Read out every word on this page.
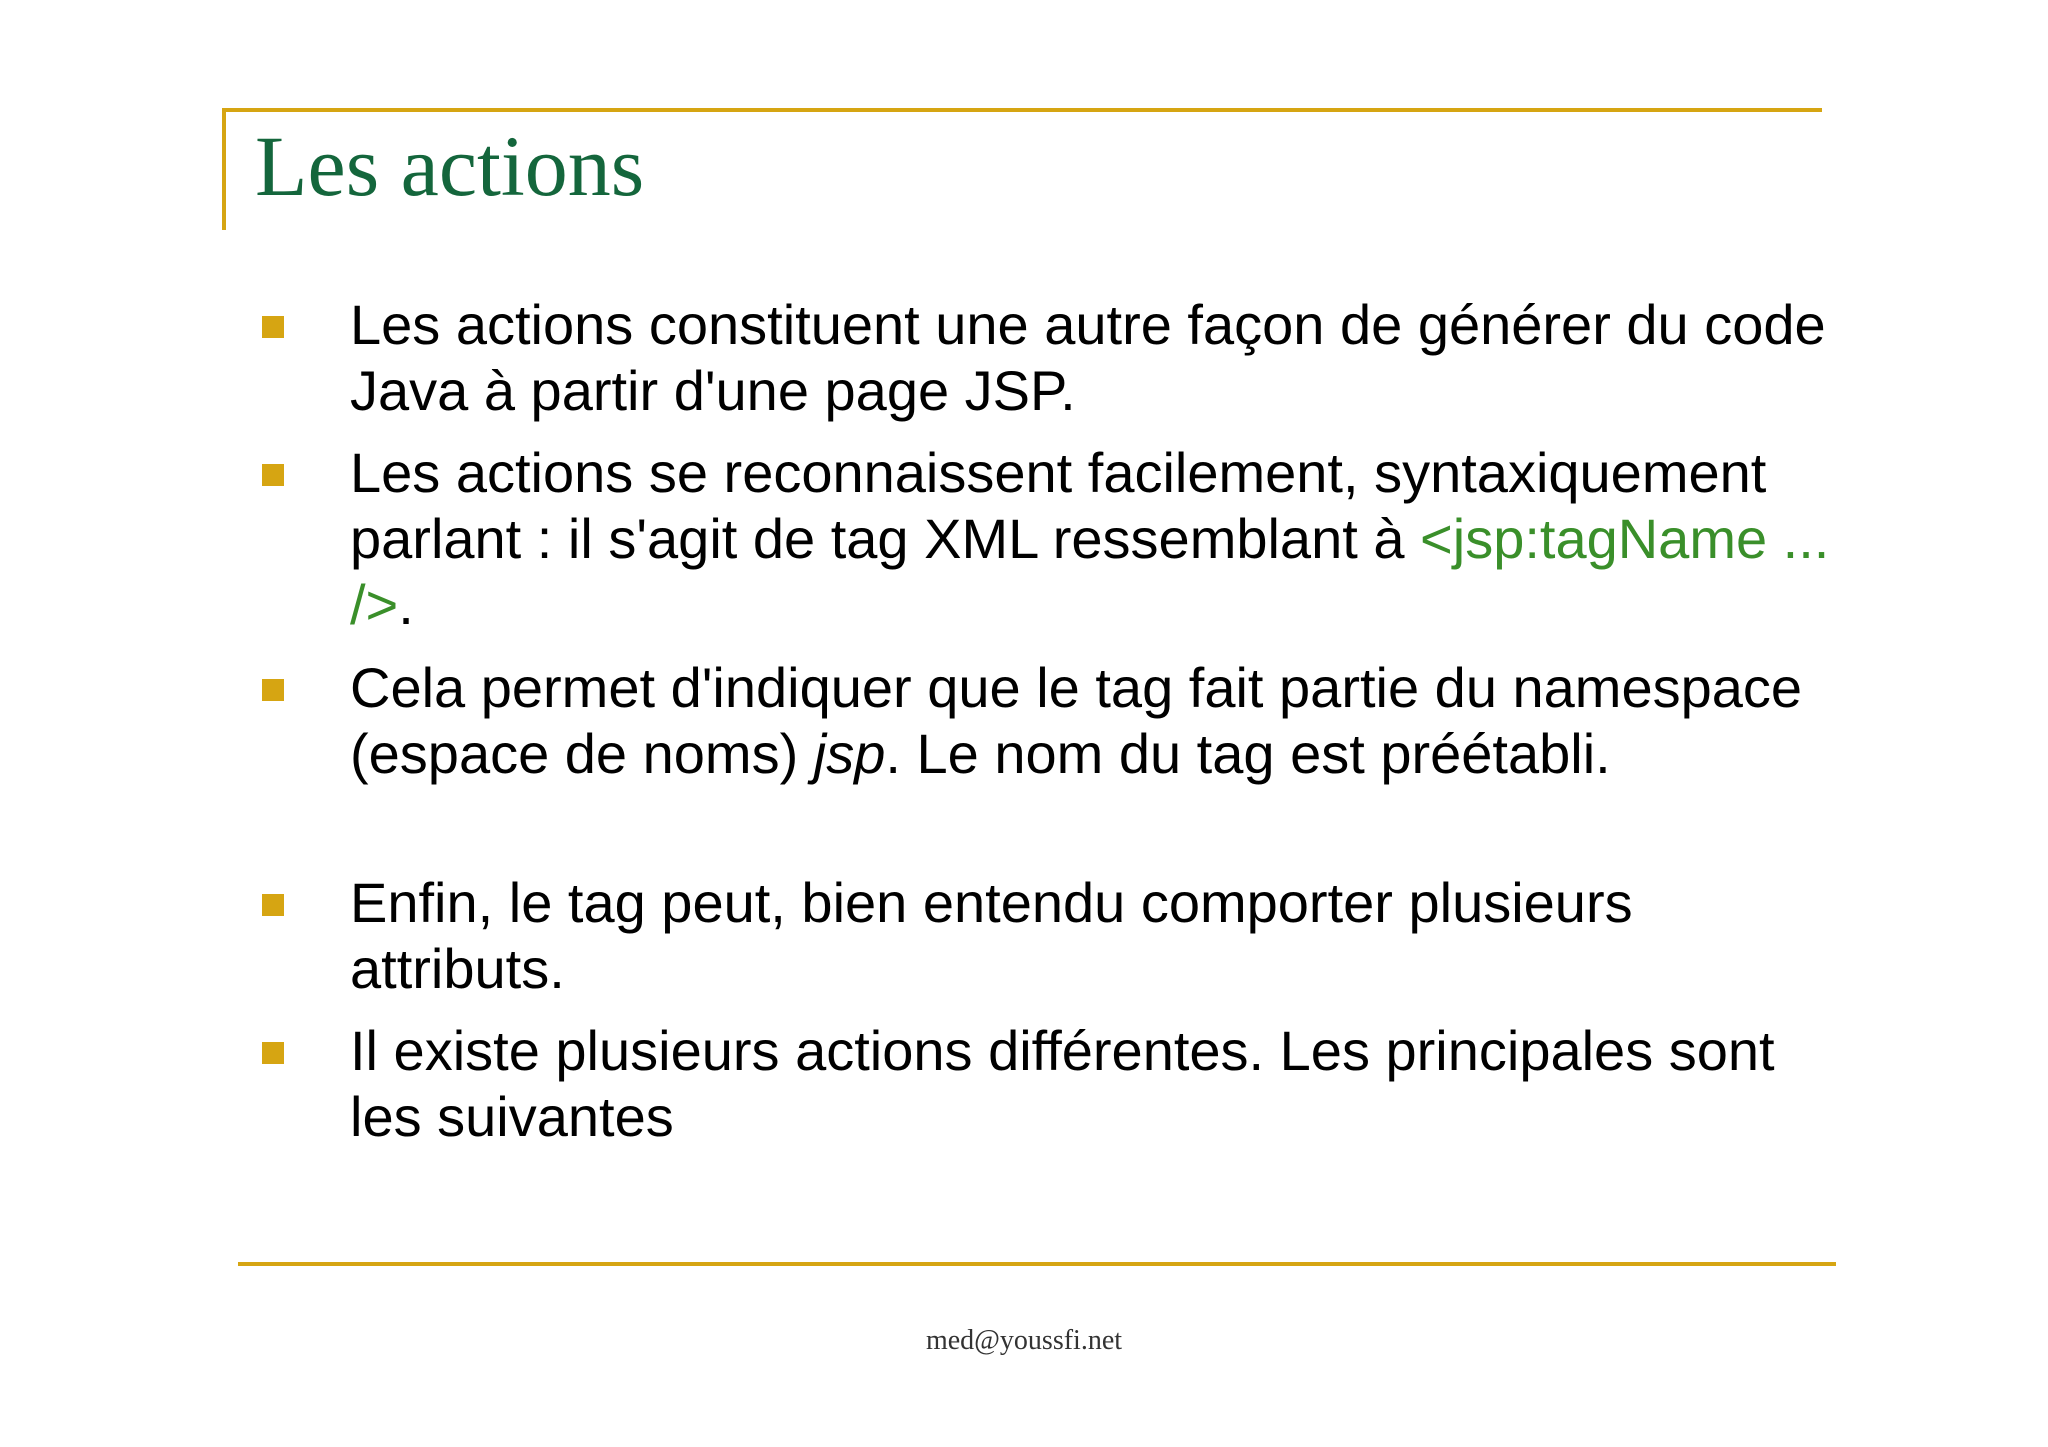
Les actions
Les actions constituent une autre façon de générer du code Java à partir d'une page JSP.
Les actions se reconnaissent facilement, syntaxiquement parlant : il s'agit de tag XML ressemblant à <jsp:tagName ... />.
Cela permet d'indiquer que le tag fait partie du namespace (espace de noms) jsp. Le nom du tag est préétabli.
Enfin, le tag peut, bien entendu comporter plusieurs attributs.
Il existe plusieurs actions différentes. Les principales sont les suivantes
med@youssfi.net
